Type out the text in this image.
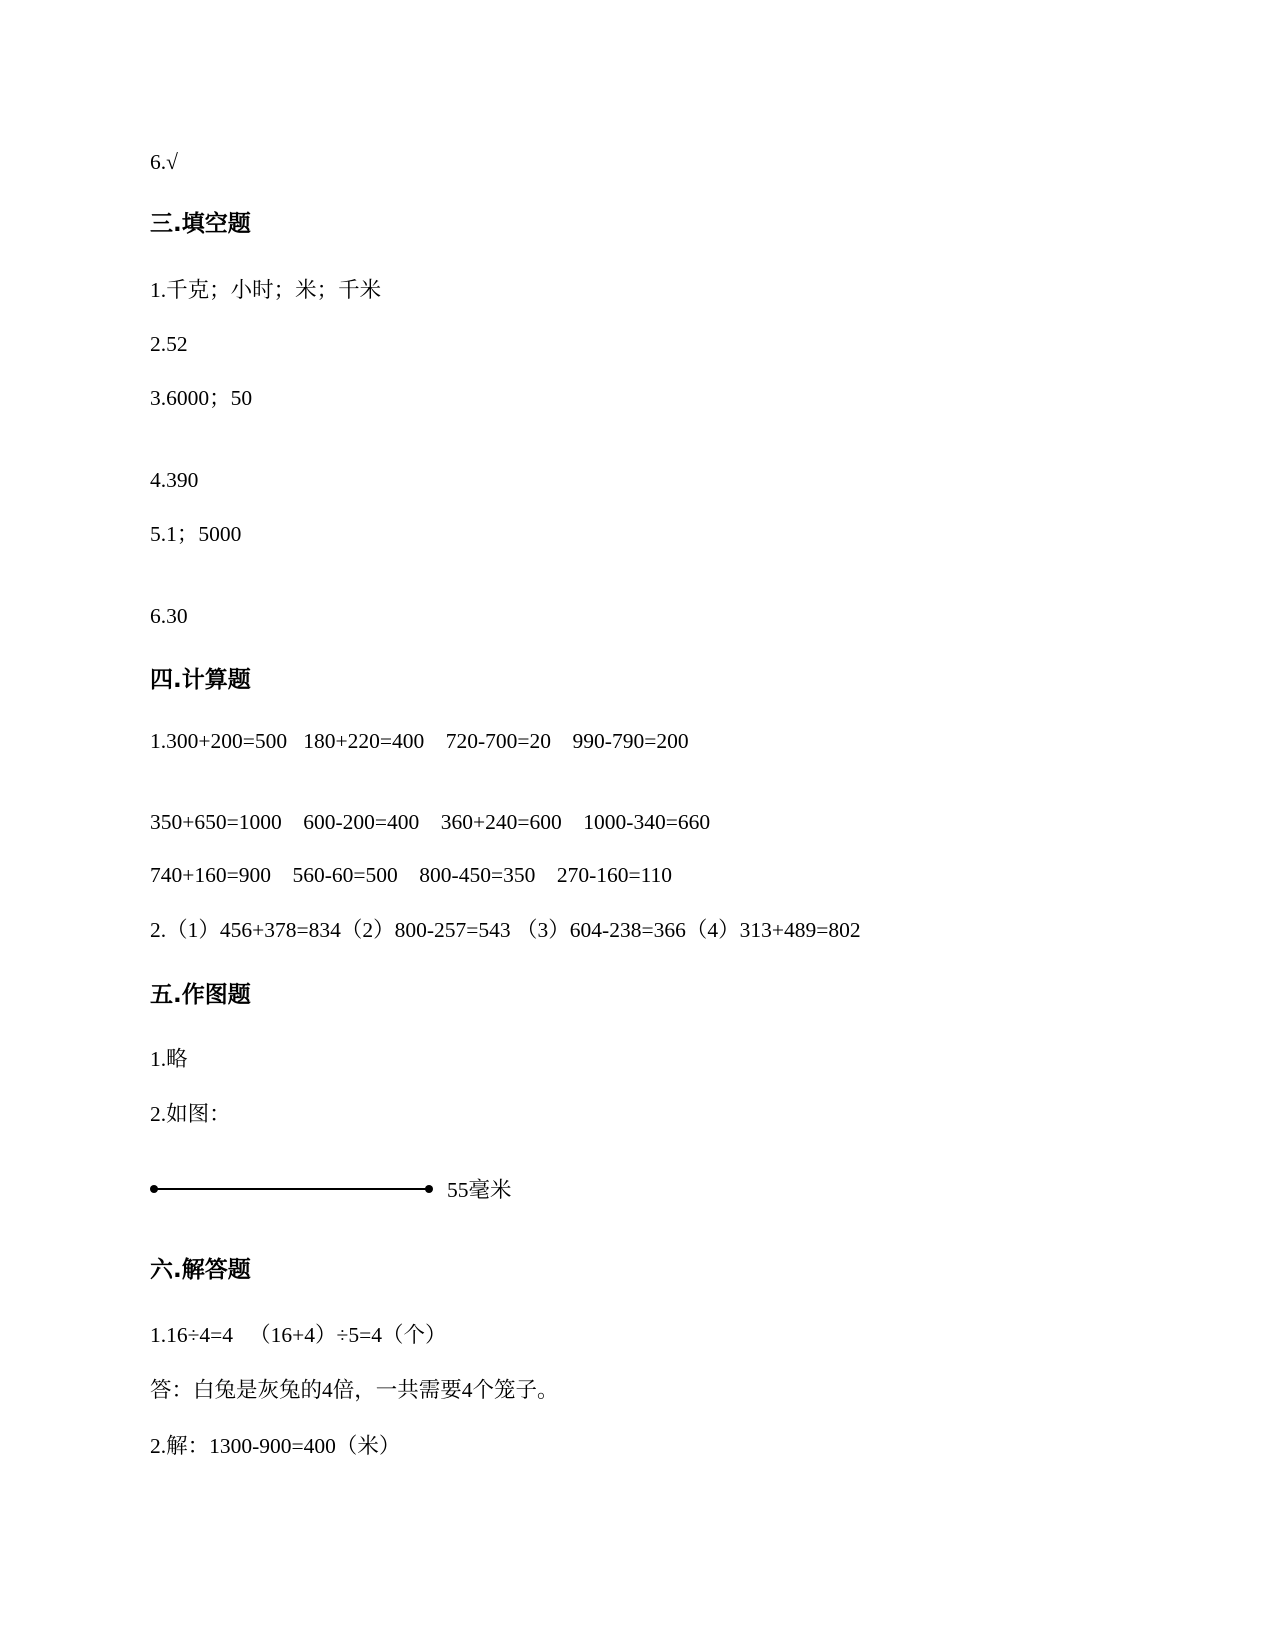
6.√
三.填空题
1.千克；小时；米；千米
2.52
3.6000；50
4.390
5.1；5000
6.30
四.计算题
1.300+200=500   180+220=400    720-700=20    990-790=200
350+650=1000    600-200=400    360+240=600    1000-340=660
740+160=900    560-60=500    800-450=350    270-160=110
2.（1）456+378=834（2）800-257=543 （3）604-238=366（4）313+489=802
五.作图题
1.略
2.如图：
55毫米
六.解答题
1.16÷4=4   （16+4）÷5=4（个）
答：白兔是灰兔的4倍，一共需要4个笼子。
2.解：1300-900=400（米）
